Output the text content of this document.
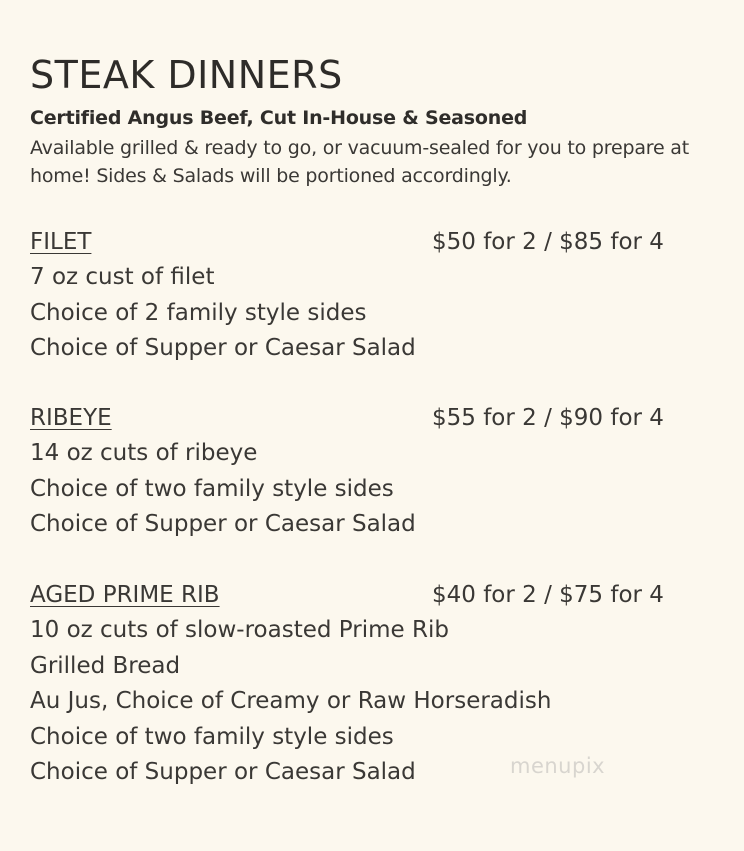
STEAK DINNERS
Certified Angus Beef, Cut In-House & Seasoned
Available grilled & ready to go, or vacuum-sealed for you to prepare at home! Sides & Salads will be portioned accordingly.
FILET	$50 for 2 / $85 for 4
7 oz cust of filet
Choice of 2 family style sides
Choice of Supper or Caesar Salad
RIBEYE	$55 for 2 / $90 for 4
14 oz cuts of ribeye
Choice of two family style sides
Choice of Supper or Caesar Salad
AGED PRIME RIB	$40 for 2 / $75 for 4
10 oz cuts of slow-roasted Prime Rib
Grilled Bread
Au Jus, Choice of Creamy or Raw Horseradish
Choice of two family style sides
Choice of Supper or Caesar Salad	menupix
